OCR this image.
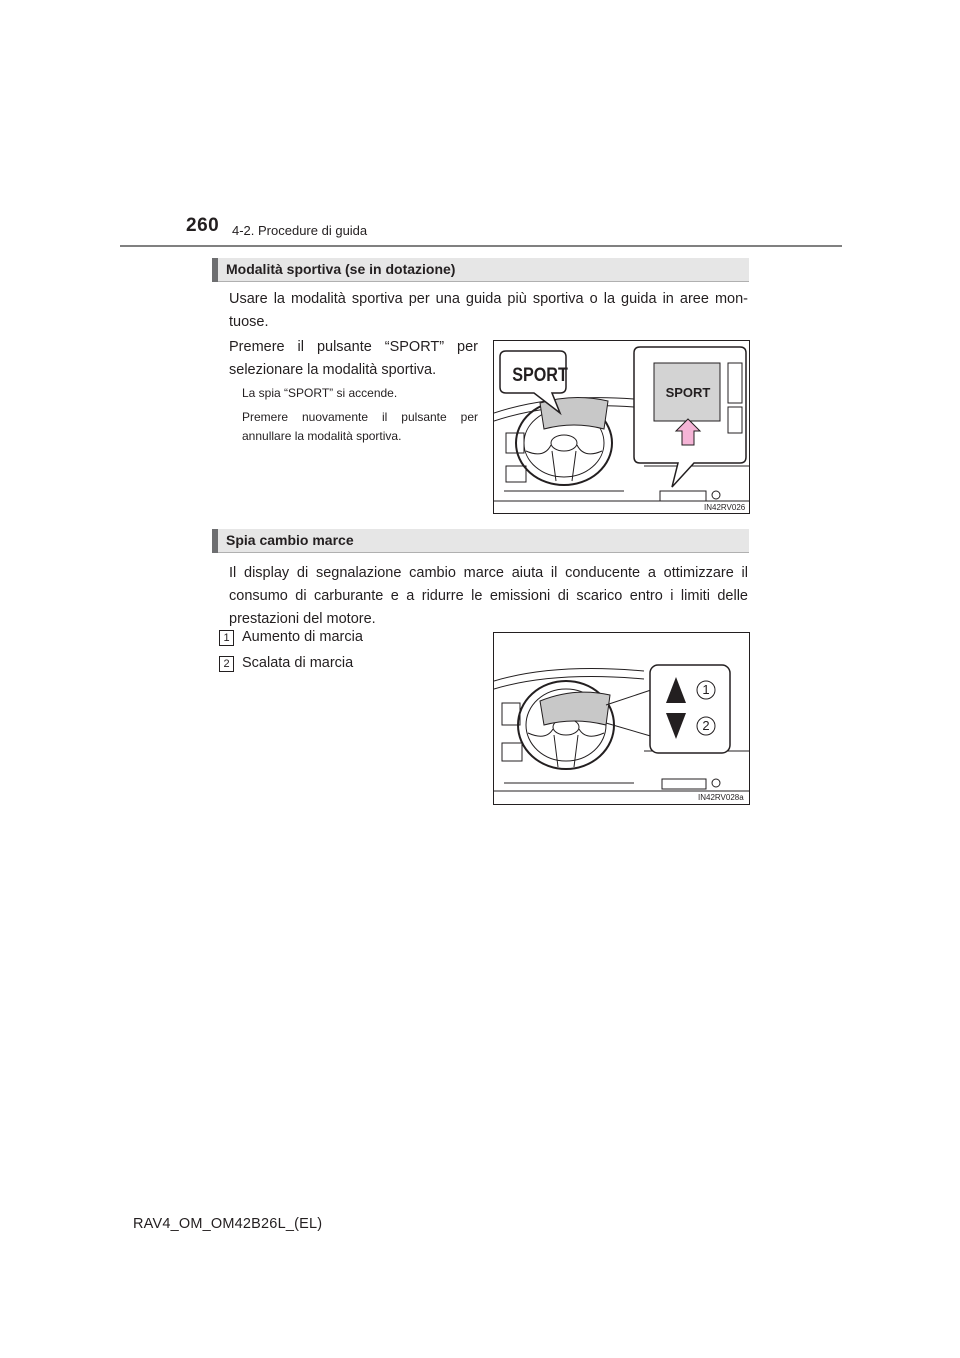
260 4-2. Procedure di guida
Modalità sportiva (se in dotazione)
Usare la modalità sportiva per una guida più sportiva o la guida in aree mon-
tuose.
Premere il pulsante “SPORT” per
selezionare la modalità sportiva.
La spia “SPORT” si accende.
Premere nuovamente il pulsante per
annullare la modalità sportiva.
SPORT
SPORT
IN42RV026
Spia cambio marce
Il display di segnalazione cambio marce aiuta il conducente a ottimizzare il
consumo di carburante e a ridurre le emissioni di scarico entro i limiti delle
prestazioni del motore.
1 Aumento di marcia
2 Scalata di marcia
1
2
IN42RV028a
RAV4_OM_OM42B26L_(EL)
